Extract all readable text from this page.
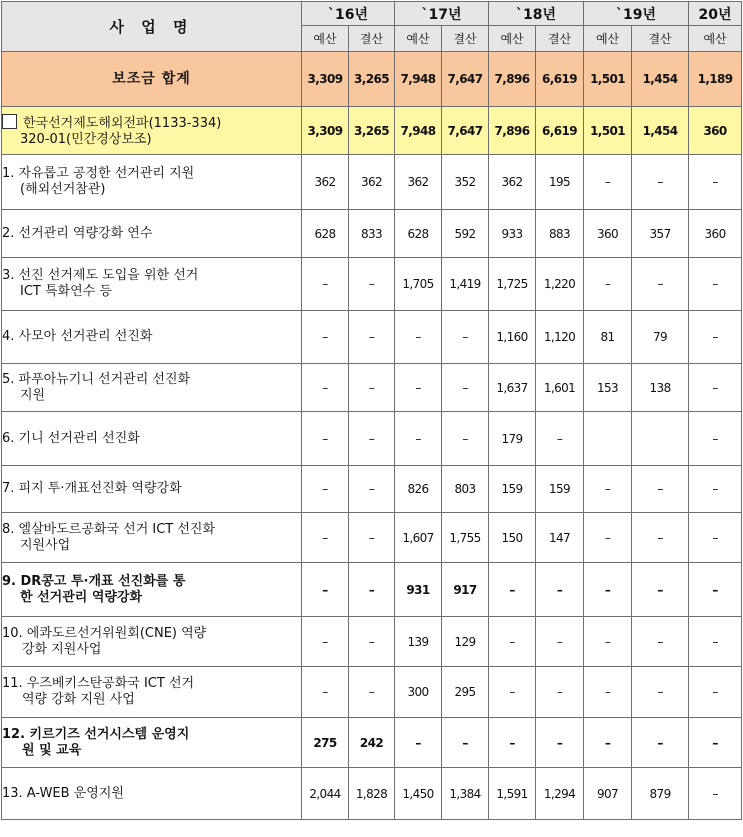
사 업 명	`16년		`17년		`18년		`19년		20년
	예산	결산	예산	결산	예산	결산	예산	결산	예산
보조금 합계	3,309	3,265	7,948	7,647	7,896	6,619	1,501	1,454	1,189

한국선거제도해외전파(1133-334)
320-01(민간경상보조)	3,309	3,265	7,948	7,647	7,896	6,619	1,501	1,454	360

1. 자유롭고 공정한 선거관리 지원
(해외선거참관)	362	362	362	352	362	195	–	–	–

2. 선거관리 역량강화 연수	628	833	628	592	933	883	360	357	360

3. 선진 선거제도 도입을 위한 선거
ICT 특화연수 등	–	–	1,705	1,419	1,725	1,220	–	–	–

4. 사모아 선거관리 선진화	–	–	–	–	1,160	1,120	81	79	–

5. 파푸아뉴기니 선거관리 선진화
지원	–	–	–	–	1,637	1,601	153	138	–

6. 기니 선거관리 선진화	–	–	–	–	179	–			–

7. 피지 투·개표선진화 역량강화	–	–	826	803	159	159	–	–	–

8. 엘살바도르공화국 선거 ICT 선진화
지원사업	–	–	1,607	1,755	150	147	–	–	–

9. DR콩고 투·개표 선진화를 통
한 선거관리 역량강화	–	–	931	917	–	–	–	–	–

10. 에콰도르선거위원회(CNE) 역량
강화 지원사업	–	–	139	129	–	–	–	–	–

11. 우즈베키스탄공화국 ICT 선거
역량 강화 지원 사업	–	–	300	295	–	–	–	–	–

12. 키르기즈 선거시스템 운영지
원 및 교육	275	242	–	–	–	–	–	–	–

13. A-WEB 운영지원	2,044	1,828	1,450	1,384	1,591	1,294	907	879	–
